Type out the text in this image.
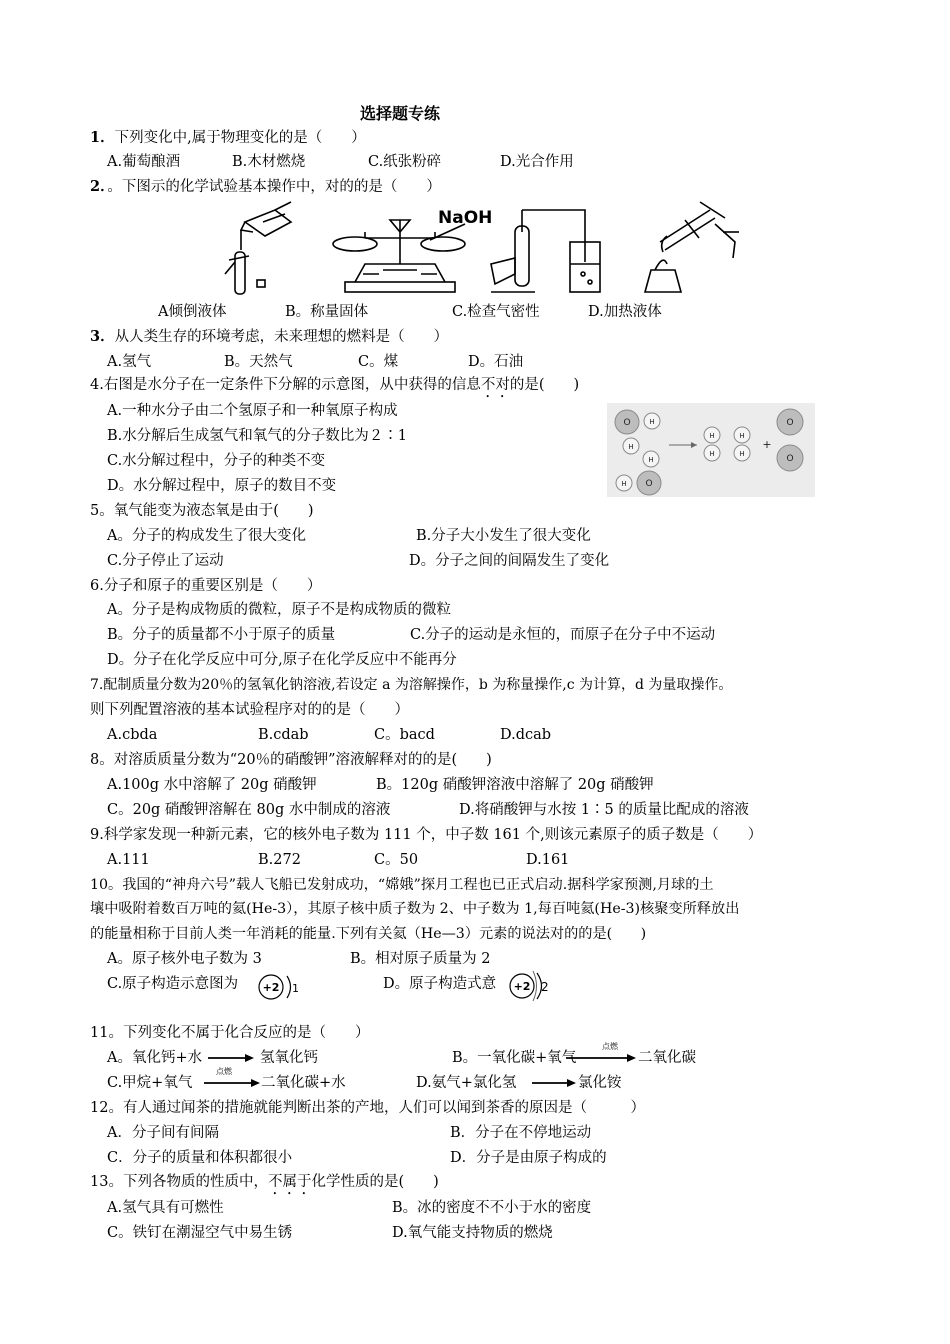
选择题专练
1．下列变化中,属于物理变化的是（　　）
A.葡萄酿酒	B.木材燃烧	C.纸张粉碎	D.光合作用
2．。下图示的化学试验基本操作中，对的的是（　　）
NaOH
A倾倒液体	B。称量固体	C.检查气密性	D.加热液体
3．从人类生存的环境考虑，未来理想的燃料是（　　）
A.氢气	B。天然气	C。煤	D。石油
4.右图是水分子在一定条件下分解的示意图，从中获得的信息不对的是(　　)
A.一种水分子由二个氢原子和一种氧原子构成
B.水分解后生成氢气和氧气的分子数比为２∶1
C.水分解过程中，分子的种类不变
D。水分解过程中，原子的数目不变
O
O
O
O
H
H
H
H
H
H
H
H
+
5。氧气能变为液态氧是由于(　　)
A。分子的构成发生了很大变化	B.分子大小发生了很大变化
C.分子停止了运动	D。分子之间的间隔发生了变化
6.分子和原子的重要区别是（　　）
A。分子是构成物质的微粒，原子不是构成物质的微粒
B。分子的质量都不小于原子的质量	C.分子的运动是永恒的，而原子在分子中不运动
D。分子在化学反应中可分,原子在化学反应中不能再分
7.配制质量分数为20％的氢氧化钠溶液,若设定 a 为溶解操作，b 为称量操作,c 为计算，d 为量取操作。
则下列配置溶液的基本试验程序对的的是（　　）
A.cbda	B.cdab	C。bacd	D.dcab
8。对溶质质量分数为“20％的硝酸钾”溶液解释对的的是(　　)
A.100g 水中溶解了 20g 硝酸钾	B。120g 硝酸钾溶液中溶解了 20g 硝酸钾
C。20g 硝酸钾溶解在 80g 水中制成的溶液	D.将硝酸钾与水按 1∶5 的质量比配成的溶液
9.科学家发现一种新元素，它的核外电子数为 111 个，中子数 161 个,则该元素原子的质子数是（　　）
A.111	B.272	C。50	D.161
10。我国的“神舟六号”载人飞船已发射成功，“嫦娥”探月工程也已正式启动.据科学家预测,月球的土
壤中吸附着数百万吨的氦(He-3），其原子核中质子数为 2、中子数为 1,每百吨氦(He-3)核聚变所释放出
的能量相称于目前人类一年消耗的能量.下列有关氦（He—3）元素的说法对的的是(　　)
A。原子核外电子数为 3	B。相对原子质量为 2
C.原子构造示意图为	D。原子构造式意
+2 1	+2 2
11。下列变化不属于化合反应的是（　　）
A。氧化钙+水	氢氧化钙	B。一氧化碳+氧气
点燃
二氧化碳
C.甲烷+氧气
点燃
二氧化碳+水	D.氨气+氯化氢	氯化铵
12。有人通过闻茶的措施就能判断出茶的产地，人们可以闻到茶香的原因是（　　　）
A．分子间有间隔	B．分子在不停地运动
C．分子的质量和体积都很小	D．分子是由原子构成的
13。下列各物质的性质中，不属于化学性质的是(　　)
A.氢气具有可燃性	B。冰的密度不不小于水的密度
C。铁钉在潮湿空气中易生锈	D.氧气能支持物质的燃烧
